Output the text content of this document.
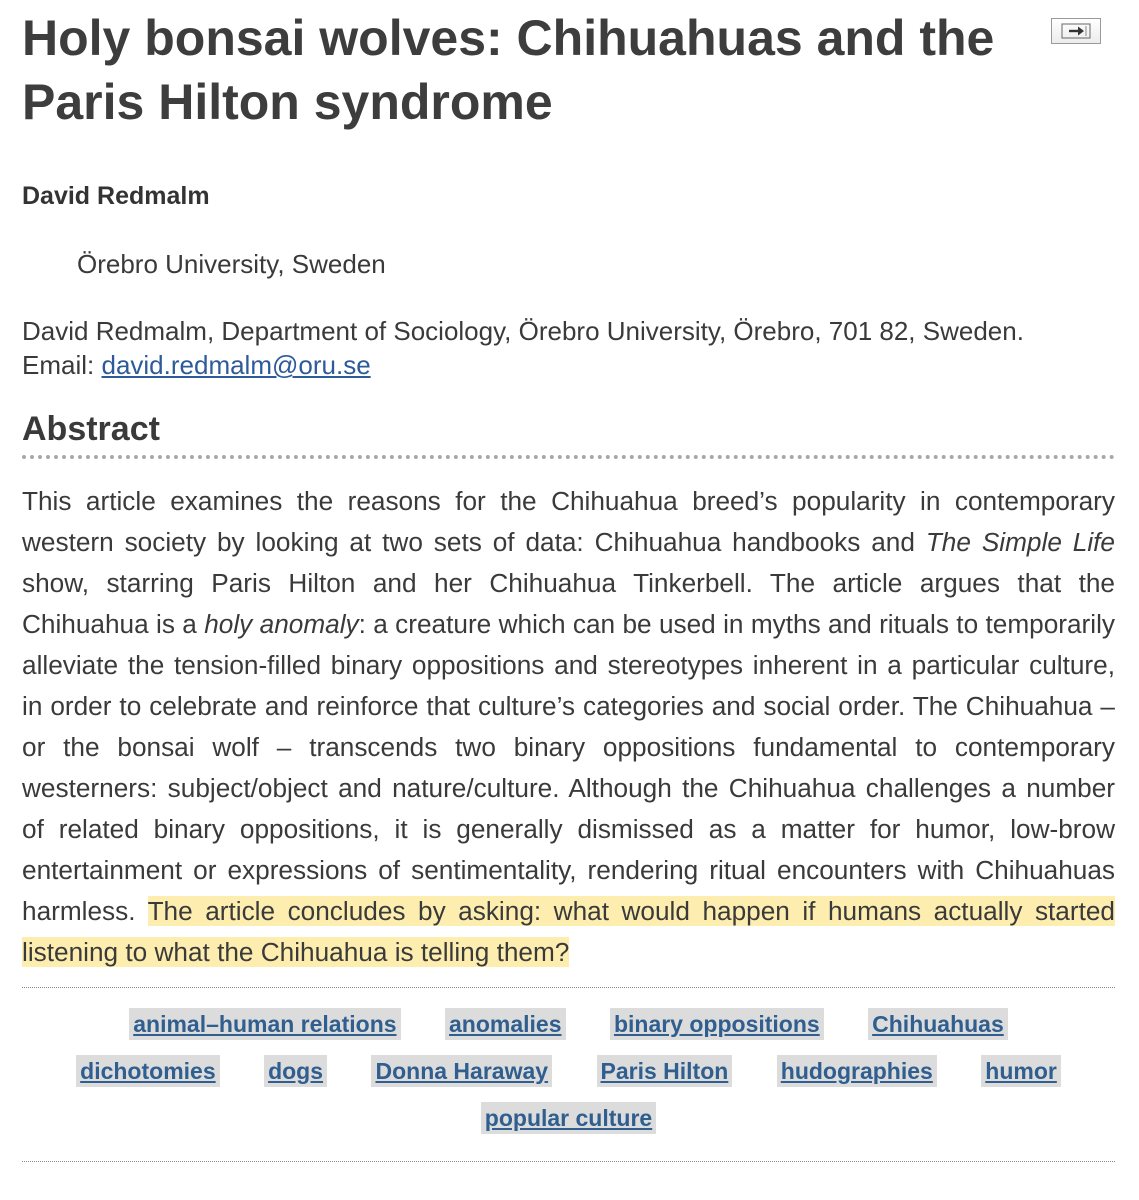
Holy bonsai wolves: Chihuahuas and the Paris Hilton syndrome
David Redmalm
Örebro University, Sweden
David Redmalm, Department of Sociology, Örebro University, Örebro, 701 82, Sweden.
Email: david.redmalm@oru.se
Abstract

This article examines the reasons for the Chihuahua breed’s popularity in contemporary western society by looking at two sets of data: Chihuahua handbooks and The Simple Life show, starring Paris Hilton and her Chihuahua Tinkerbell. The article argues that the Chihuahua is a holy anomaly: a creature which can be used in myths and rituals to temporarily alleviate the tension-filled binary oppositions and stereotypes inherent in a particular culture, in order to celebrate and reinforce that culture’s categories and social order. The Chihuahua – or the bonsai wolf – transcends two binary oppositions fundamental to contemporary westerners: subject/object and nature/culture. Although the Chihuahua challenges a number of related binary oppositions, it is generally dismissed as a matter for humor, low-brow entertainment or expressions of sentimentality, rendering ritual encounters with Chihuahuas harmless. The article concludes by asking: what would happen if humans actually started listening to what the Chihuahua is telling them?

animal–human relations anomalies binary oppositions Chihuahuas dichotomies dogs Donna Haraway Paris Hilton hudographies humor popular culture
